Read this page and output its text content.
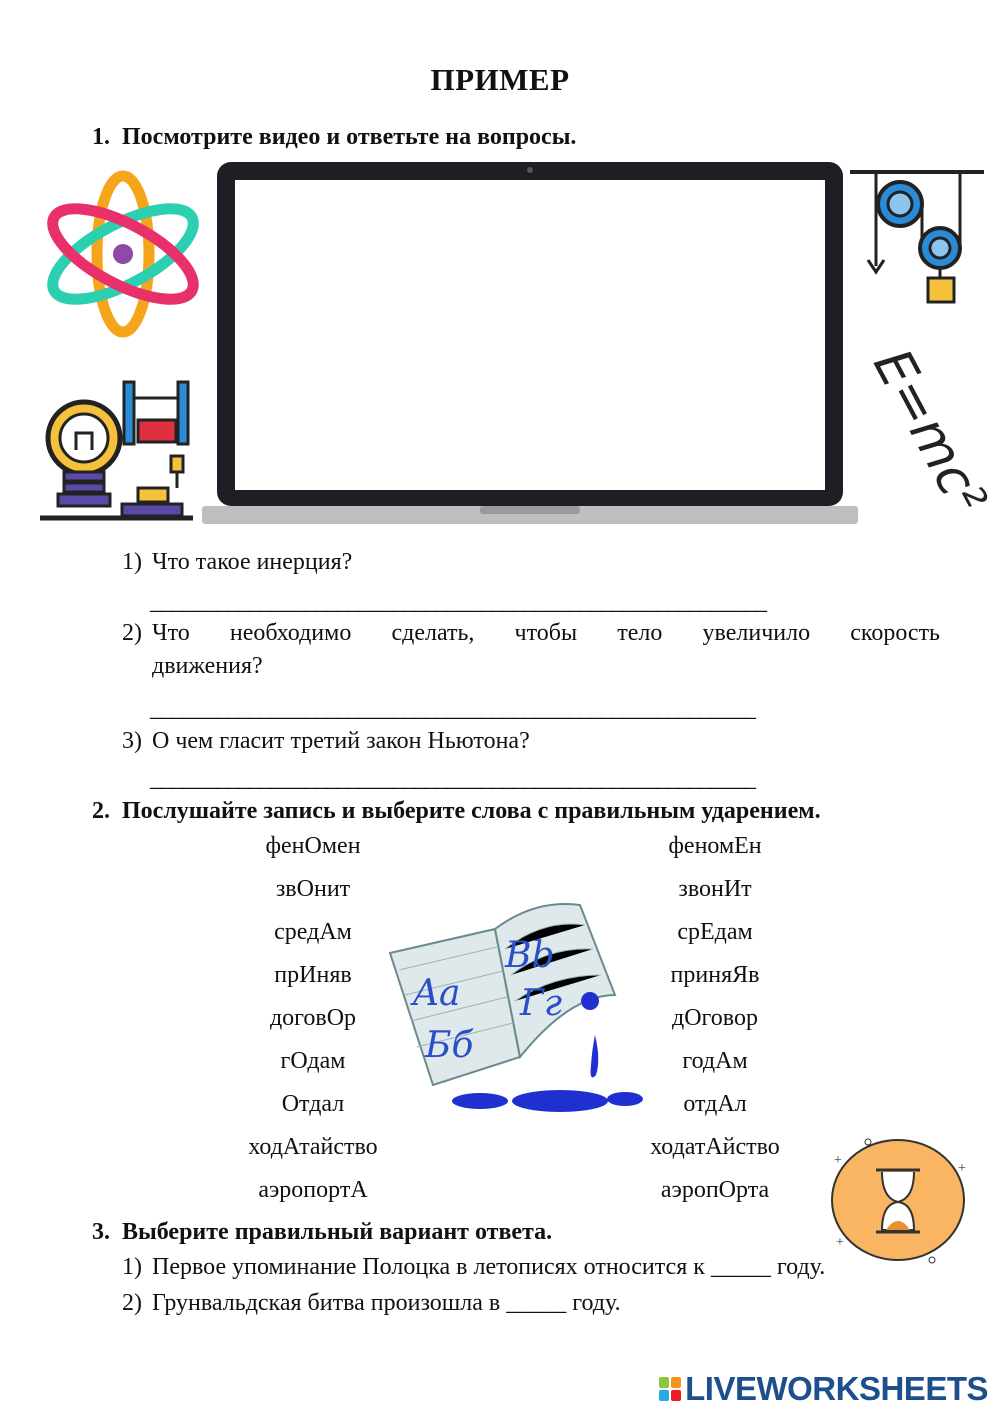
ПРИМЕР
1. Посмотрите видео и ответьте на вопросы.
E=mc²
1) Что такое инерция?
________________________________________________________
2) Что необходимо сделать, чтобы тело увеличило скорость
движения?
_______________________________________________________
3) О чем гласит третий закон Ньютона?
_______________________________________________________
2. Послушайте запись и выберите слова с правильным ударением.
фенОмен
звОнит
средАм
прИняв
договОр
гОдам
Отдал
ходАтайство
аэропортА
феномЕн
звонИт
срЕдам
приняЯв
дОговор
годАм
отдАл
ходатАйство
аэропОрта
Aa
Бб
Bb
Гг
+
+
+
3. Выберите правильный вариант ответа.
1) Первое упоминание Полоцка в летописях относится к _____ году.
2) Грунвальдская битва произошла в _____ году.
LIVEWORKSHEETS
